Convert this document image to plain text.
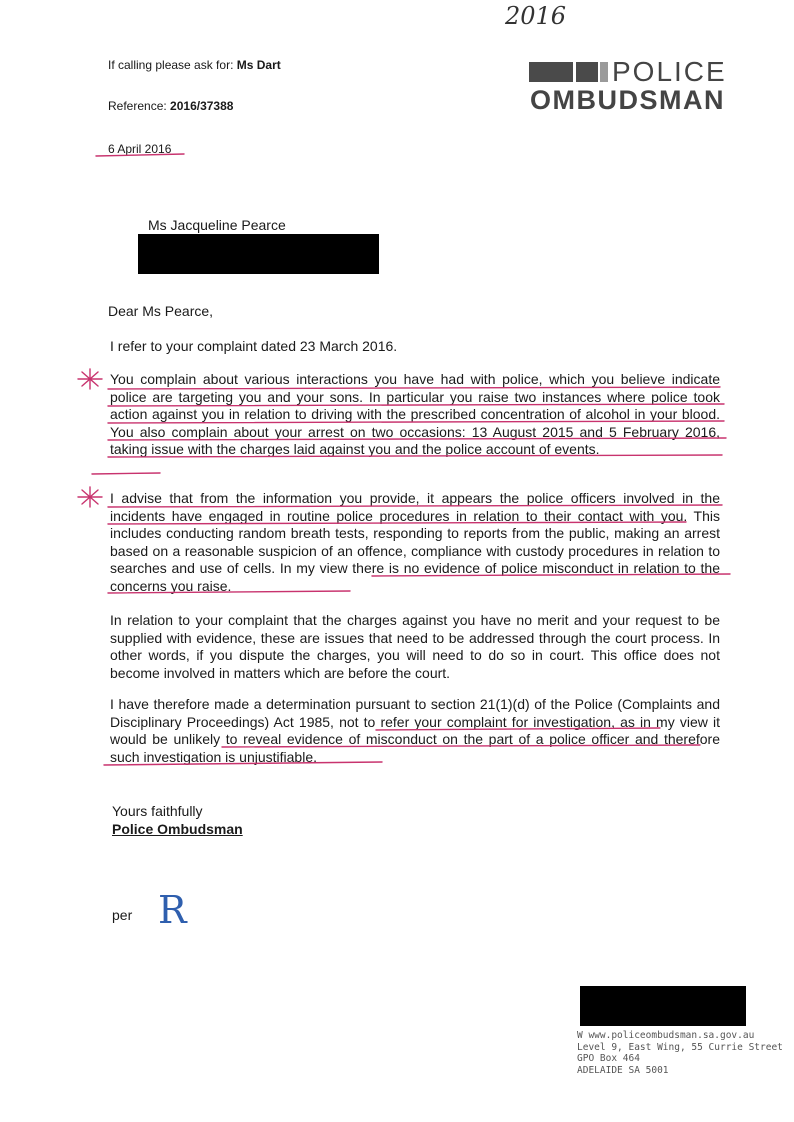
2016
If calling please ask for: Ms Dart
Reference: 2016/37388
6 April 2016
POLICE
OMBUDSMAN
Ms Jacqueline Pearce
Dear Ms Pearce,
I refer to your complaint dated 23 March 2016.
You complain about various interactions you have had with police, which you believe indicate police are targeting you and your sons. In particular you raise two instances where police took action against you in relation to driving with the prescribed concentration of alcohol in your blood. You also complain about your arrest on two occasions: 13 August 2015 and 5 February 2016, taking issue with the charges laid against you and the police account of events.
I advise that from the information you provide, it appears the police officers involved in the incidents have engaged in routine police procedures in relation to their contact with you. This includes conducting random breath tests, responding to reports from the public, making an arrest based on a reasonable suspicion of an offence, compliance with custody procedures in relation to searches and use of cells. In my view there is no evidence of police misconduct in relation to the concerns you raise.
In relation to your complaint that the charges against you have no merit and your request to be supplied with evidence, these are issues that need to be addressed through the court process. In other words, if you dispute the charges, you will need to do so in court. This office does not become involved in matters which are before the court.
I have therefore made a determination pursuant to section 21(1)(d) of the Police (Complaints and Disciplinary Proceedings) Act 1985, not to refer your complaint for investigation, as in my view it would be unlikely to reveal evidence of misconduct on the part of a police officer and therefore such investigation is unjustifiable.
Yours faithfully
Police Ombudsman
per R
W www.policeombudsman.sa.gov.au
Level 9, East Wing, 55 Currie Street
GPO Box 464
ADELAIDE SA 5001
